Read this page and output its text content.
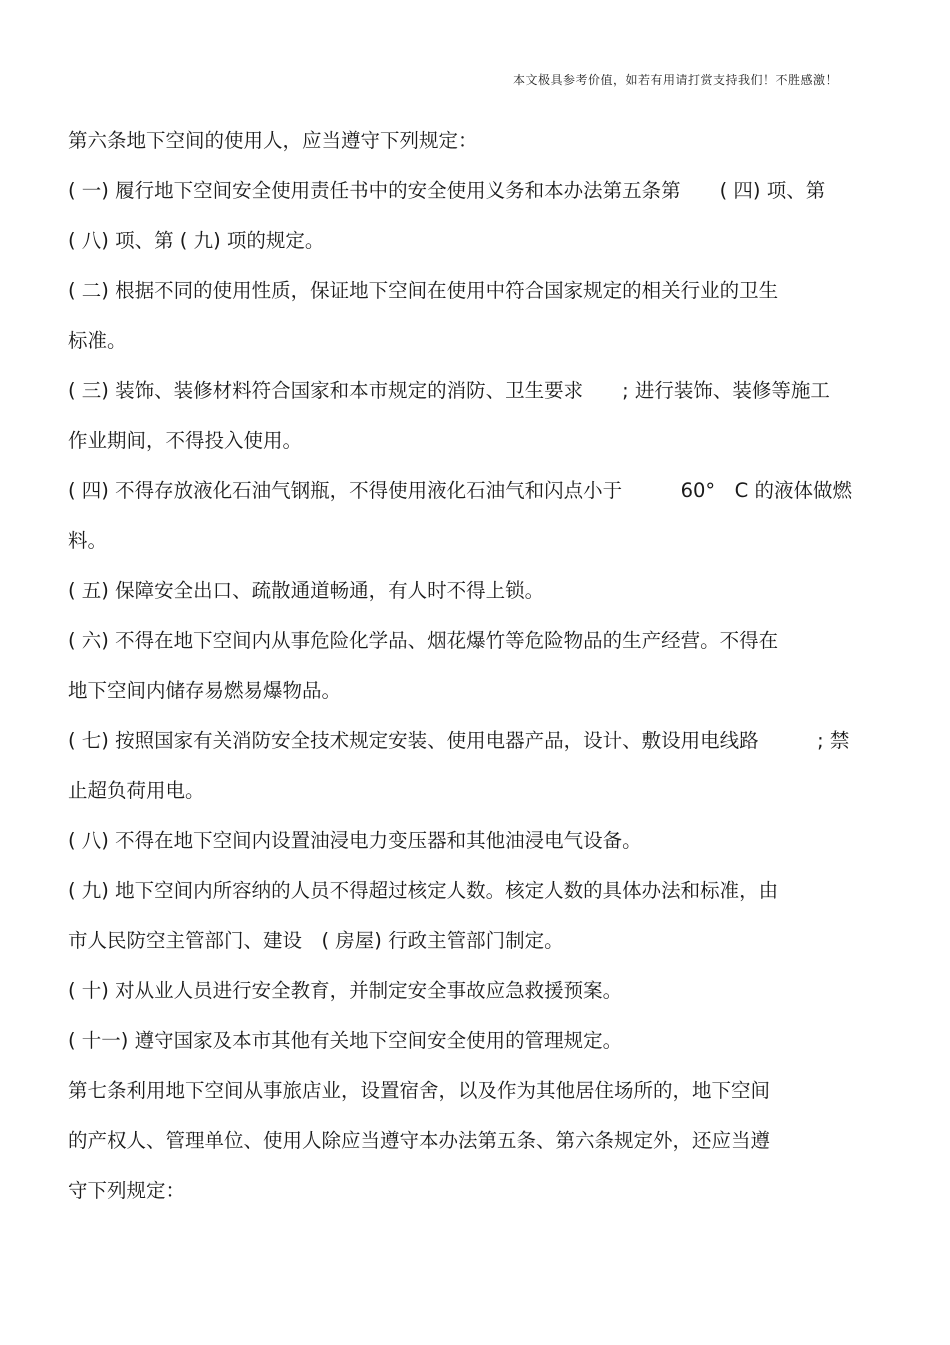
本文极具参考价值，如若有用请打赏支持我们！不胜感激！
第六条地下空间的使用人，应当遵守下列规定：
( 一) 履行地下空间安全使用责任书中的安全使用义务和本办法第五条第　　( 四) 项、第
( 八) 项、第 ( 九) 项的规定。
( 二) 根据不同的使用性质，保证地下空间在使用中符合国家规定的相关行业的卫生
标准。
( 三) 装饰、装修材料符合国家和本市规定的消防、卫生要求　　; 进行装饰、装修等施工
作业期间，不得投入使用。
( 四) 不得存放液化石油气钢瓶，不得使用液化石油气和闪点小于　　　60°　C 的液体做燃
料。
( 五) 保障安全出口、疏散通道畅通，有人时不得上锁。
( 六) 不得在地下空间内从事危险化学品、烟花爆竹等危险物品的生产经营。不得在
地下空间内储存易燃易爆物品。
( 七) 按照国家有关消防安全技术规定安装、使用电器产品，设计、敷设用电线路　　　; 禁
止超负荷用电。
( 八) 不得在地下空间内设置油浸电力变压器和其他油浸电气设备。
( 九) 地下空间内所容纳的人员不得超过核定人数。核定人数的具体办法和标准，由
市人民防空主管部门、建设　( 房屋) 行政主管部门制定。
( 十) 对从业人员进行安全教育，并制定安全事故应急救援预案。
( 十一) 遵守国家及本市其他有关地下空间安全使用的管理规定。
第七条利用地下空间从事旅店业，设置宿舍，以及作为其他居住场所的，地下空间
的产权人、管理单位、使用人除应当遵守本办法第五条、第六条规定外，还应当遵
守下列规定：
